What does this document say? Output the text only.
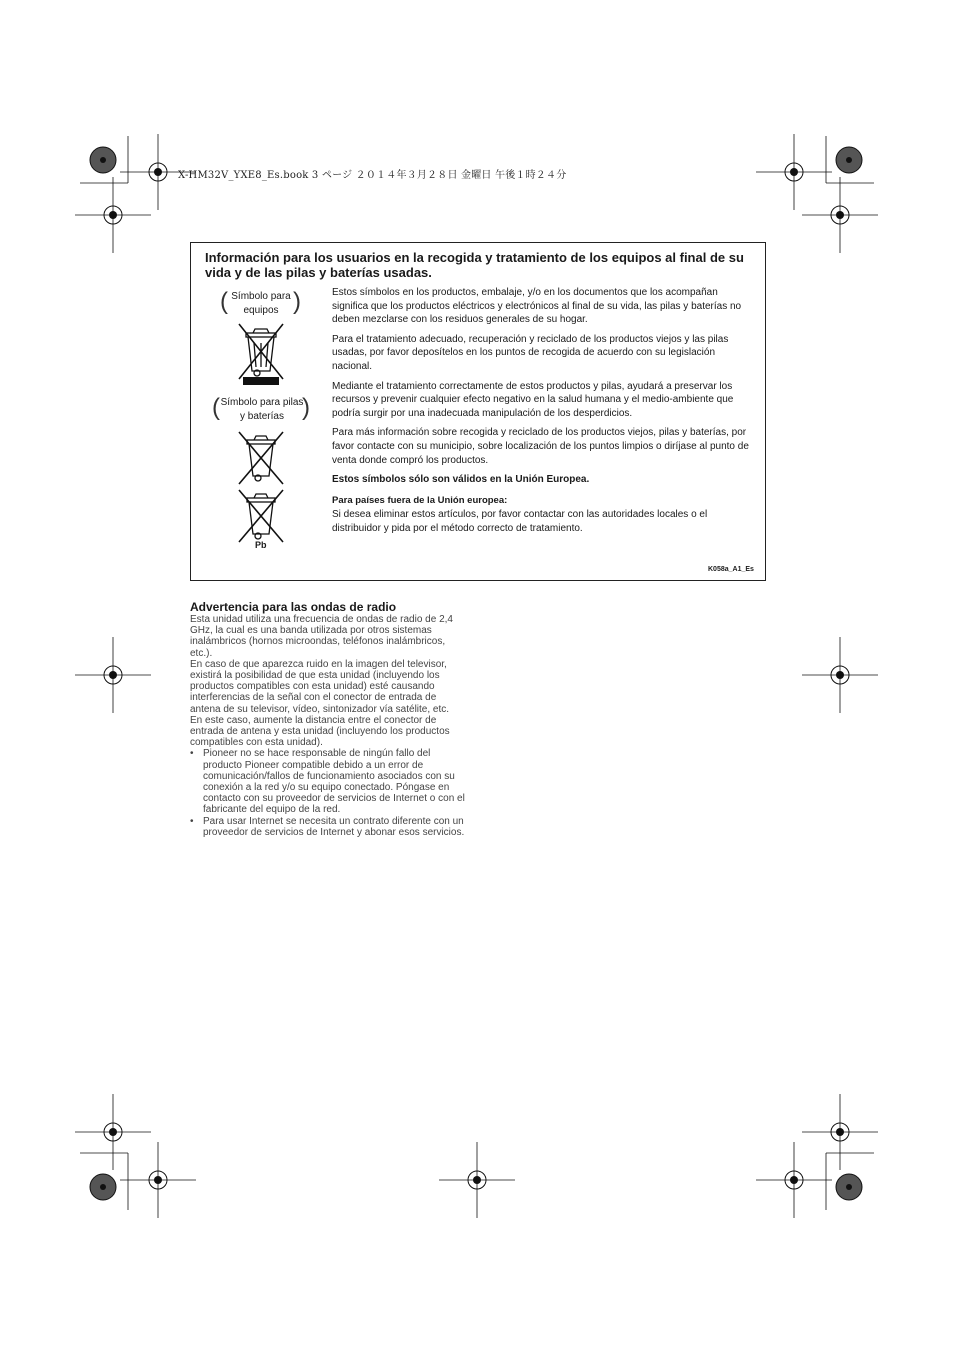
X-HM32V_YXE8_Es.book 3 ページ ２０１４年３月２８日 金曜日 午後１時２４分
Información para los usuarios en la recogida y tratamiento de los equipos al final de su vida y de las pilas y baterías usadas.
( Símbolo para equipos )
( Símbolo para pilas y baterías )
Pb

Estos símbolos en los productos, embalaje, y/o en los documentos que los acompañan significa que los productos eléctricos y electrónicos al final de su vida, las pilas y baterías no deben mezclarse con los residuos generales de su hogar.

Para el tratamiento adecuado, recuperación y reciclado de los productos viejos y las pilas usadas, por favor deposítelos en los puntos de recogida de acuerdo con su legislación nacional.

Mediante el tratamiento correctamente de estos productos y pilas, ayudará a preservar los recursos y prevenir cualquier efecto negativo en la salud humana y el medio-ambiente que podría surgir por una inadecuada manipulación de los desperdicios.

Para más información sobre recogida y reciclado de los productos viejos, pilas y baterías, por favor contacte con su municipio, sobre localización de los puntos limpios o diríjase al punto de venta donde compró los productos.

Estos símbolos sólo son válidos en la Unión Europea.

Para países fuera de la Unión europea:

Si desea eliminar estos artículos, por favor contactar con las autoridades locales o el distribuidor y pida por el método correcto de tratamiento.

K058a_A1_Es
Advertencia para las ondas de radio

Esta unidad utiliza una frecuencia de ondas de radio de 2,4 GHz, la cual es una banda utilizada por otros sistemas inalámbricos (hornos microondas, teléfonos inalámbricos, etc.).

En caso de que aparezca ruido en la imagen del televisor, existirá la posibilidad de que esta unidad (incluyendo los productos compatibles con esta unidad) esté causando interferencias de la señal con el conector de entrada de antena de su televisor, vídeo, sintonizador vía satélite, etc.

En este caso, aumente la distancia entre el conector de entrada de antena y esta unidad (incluyendo los productos compatibles con esta unidad).

• Pioneer no se hace responsable de ningún fallo del producto Pioneer compatible debido a un error de comunicación/fallos de funcionamiento asociados con su conexión a la red y/o su equipo conectado. Póngase en contacto con su proveedor de servicios de Internet o con el fabricante del equipo de la red.
• Para usar Internet se necesita un contrato diferente con un proveedor de servicios de Internet y abonar esos servicios.
